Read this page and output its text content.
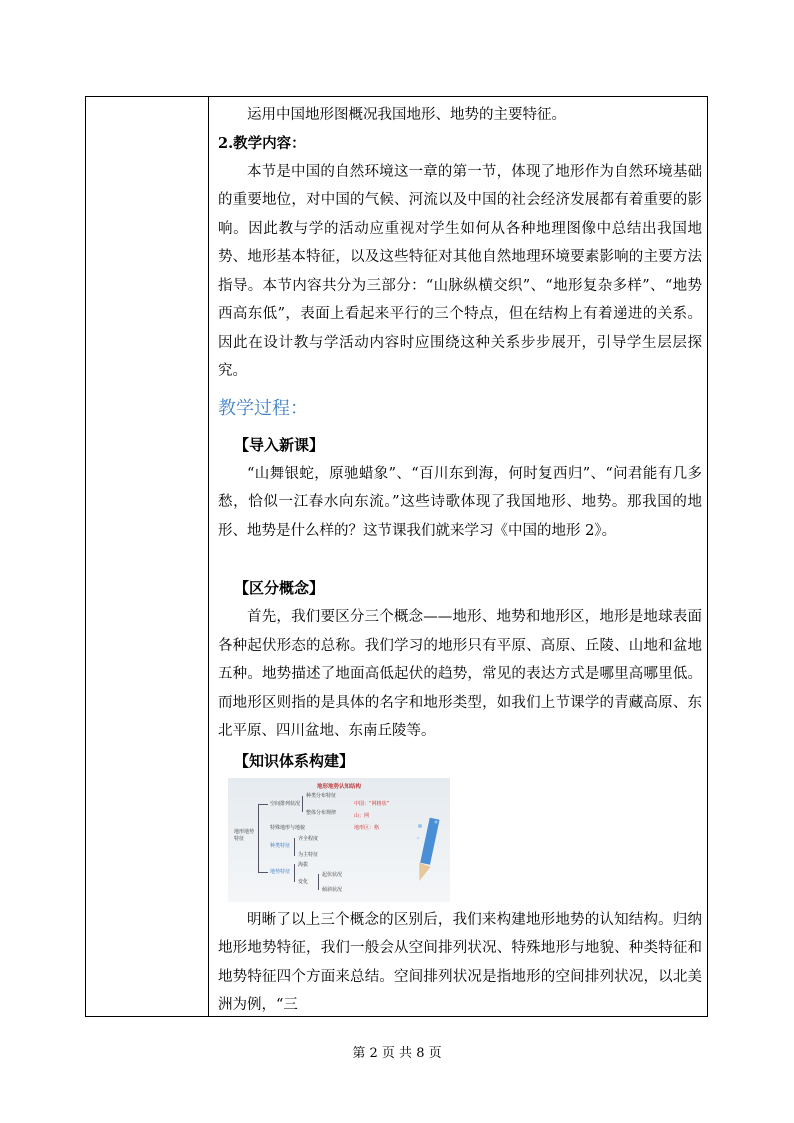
运用中国地形图概况我国地形、地势的主要特征。

2.教学内容：

本节是中国的自然环境这一章的第一节，体现了地形作为自然环境基础的重要地位，对中国的气候、河流以及中国的社会经济发展都有着重要的影响。因此教与学的活动应重视对学生如何从各种地理图像中总结出我国地势、地形基本特征，以及这些特征对其他自然地理环境要素影响的主要方法指导。本节内容共分为三部分：“山脉纵横交织”、“地形复杂多样”、“地势西高东低”，表面上看起来平行的三个特点，但在结构上有着递进的关系。因此在设计教与学活动内容时应围绕这种关系步步展开，引导学生层层探究。

教学过程：

【导入新课】

“山舞银蛇，原驰蜡象”、“百川东到海，何时复西归”、“问君能有几多愁，恰似一江春水向东流。”这些诗歌体现了我国地形、地势。那我国的地形、地势是什么样的？这节课我们就来学习《中国的地形 2》。

【区分概念】

首先，我们要区分三个概念——地形、地势和地形区，地形是地球表面各种起伏形态的总称。我们学习的地形只有平原、高原、丘陵、山地和盆地五种。地势描述了地面高低起伏的趋势，常见的表达方式是哪里高哪里低。而地形区则指的是具体的名字和地形类型，如我们上节课学的青藏高原、东北平原、四川盆地、东南丘陵等。

【知识体系构建】

地形地势认知结构
地形地势
特征
空间排列状况
种类分布特征
整体分布规律
中国：“网格状”
山：网
地形区：格
特殊地形与地貌
种类特征
齐全程度
为主特征
地势特征
海拔
变化
起伏状况
倾斜状况

明晰了以上三个概念的区别后，我们来构建地形地势的认知结构。归纳地形地势特征，我们一般会从空间排列状况、特殊地形与地貌、种类特征和地势特征四个方面来总结。空间排列状况是指地形的空间排列状况，以北美洲为例，“三

第 2 页 共 8 页
